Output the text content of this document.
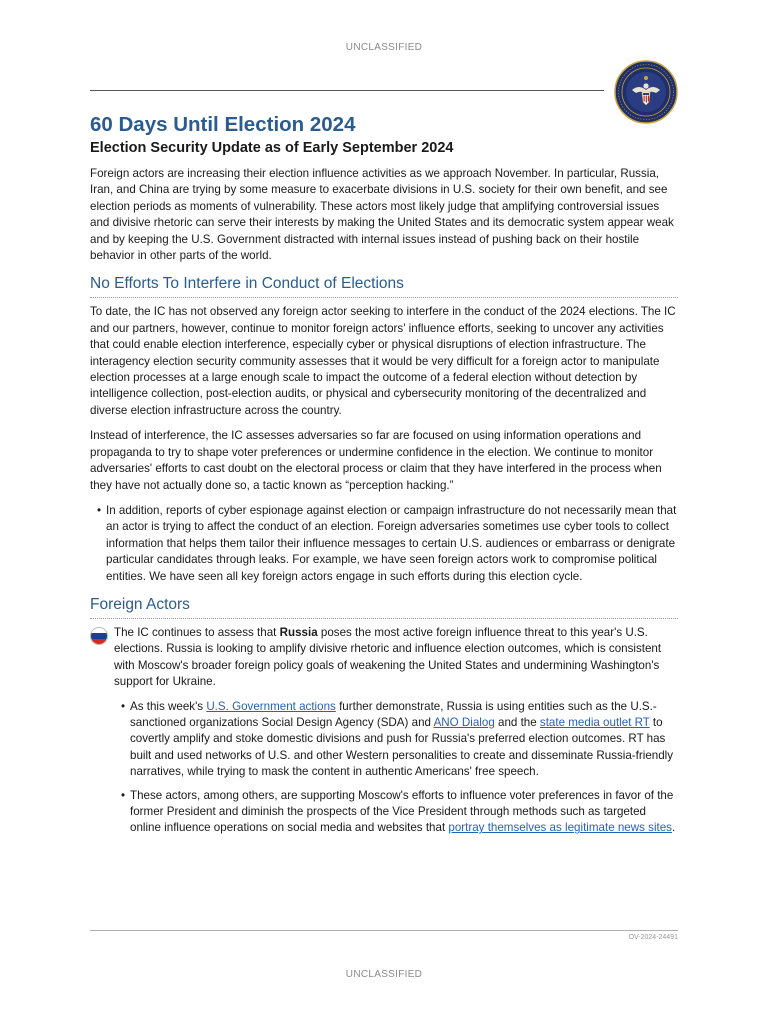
UNCLASSIFIED
60 Days Until Election 2024
Election Security Update as of Early September 2024

Foreign actors are increasing their election influence activities as we approach November. In particular, Russia, Iran, and China are trying by some measure to exacerbate divisions in U.S. society for their own benefit, and see election periods as moments of vulnerability. These actors most likely judge that amplifying controversial issues and divisive rhetoric can serve their interests by making the United States and its democratic system appear weak and by keeping the U.S. Government distracted with internal issues instead of pushing back on their hostile behavior in other parts of the world.

No Efforts To Interfere in Conduct of Elections

To date, the IC has not observed any foreign actor seeking to interfere in the conduct of the 2024 elections. The IC and our partners, however, continue to monitor foreign actors' influence efforts, seeking to uncover any activities that could enable election interference, especially cyber or physical disruptions of election infrastructure. The interagency election security community assesses that it would be very difficult for a foreign actor to manipulate election processes at a large enough scale to impact the outcome of a federal election without detection by intelligence collection, post-election audits, or physical and cybersecurity monitoring of the decentralized and diverse election infrastructure across the country.

Instead of interference, the IC assesses adversaries so far are focused on using information operations and propaganda to try to shape voter preferences or undermine confidence in the election. We continue to monitor adversaries' efforts to cast doubt on the electoral process or claim that they have interfered in the process when they have not actually done so, a tactic known as “perception hacking.”

• In addition, reports of cyber espionage against election or campaign infrastructure do not necessarily mean that an actor is trying to affect the conduct of an election. Foreign adversaries sometimes use cyber tools to collect information that helps them tailor their influence messages to certain U.S. audiences or embarrass or denigrate particular candidates through leaks. For example, we have seen foreign actors work to compromise political entities. We have seen all key foreign actors engage in such efforts during this election cycle.
Foreign Actors

The IC continues to assess that Russia poses the most active foreign influence threat to this year's U.S. elections. Russia is looking to amplify divisive rhetoric and influence election outcomes, which is consistent with Moscow's broader foreign policy goals of weakening the United States and undermining Washington's support for Ukraine.

• As this week's U.S. Government actions further demonstrate, Russia is using entities such as the U.S.-sanctioned organizations Social Design Agency (SDA) and ANO Dialog and the state media outlet RT to covertly amplify and stoke domestic divisions and push for Russia's preferred election outcomes. RT has built and used networks of U.S. and other Western personalities to create and disseminate Russia-friendly narratives, while trying to mask the content in authentic Americans' free speech.
• These actors, among others, are supporting Moscow's efforts to influence voter preferences in favor of the former President and diminish the prospects of the Vice President through methods such as targeted online influence operations on social media and websites that portray themselves as legitimate news sites.
OV-2024-24491
UNCLASSIFIED
